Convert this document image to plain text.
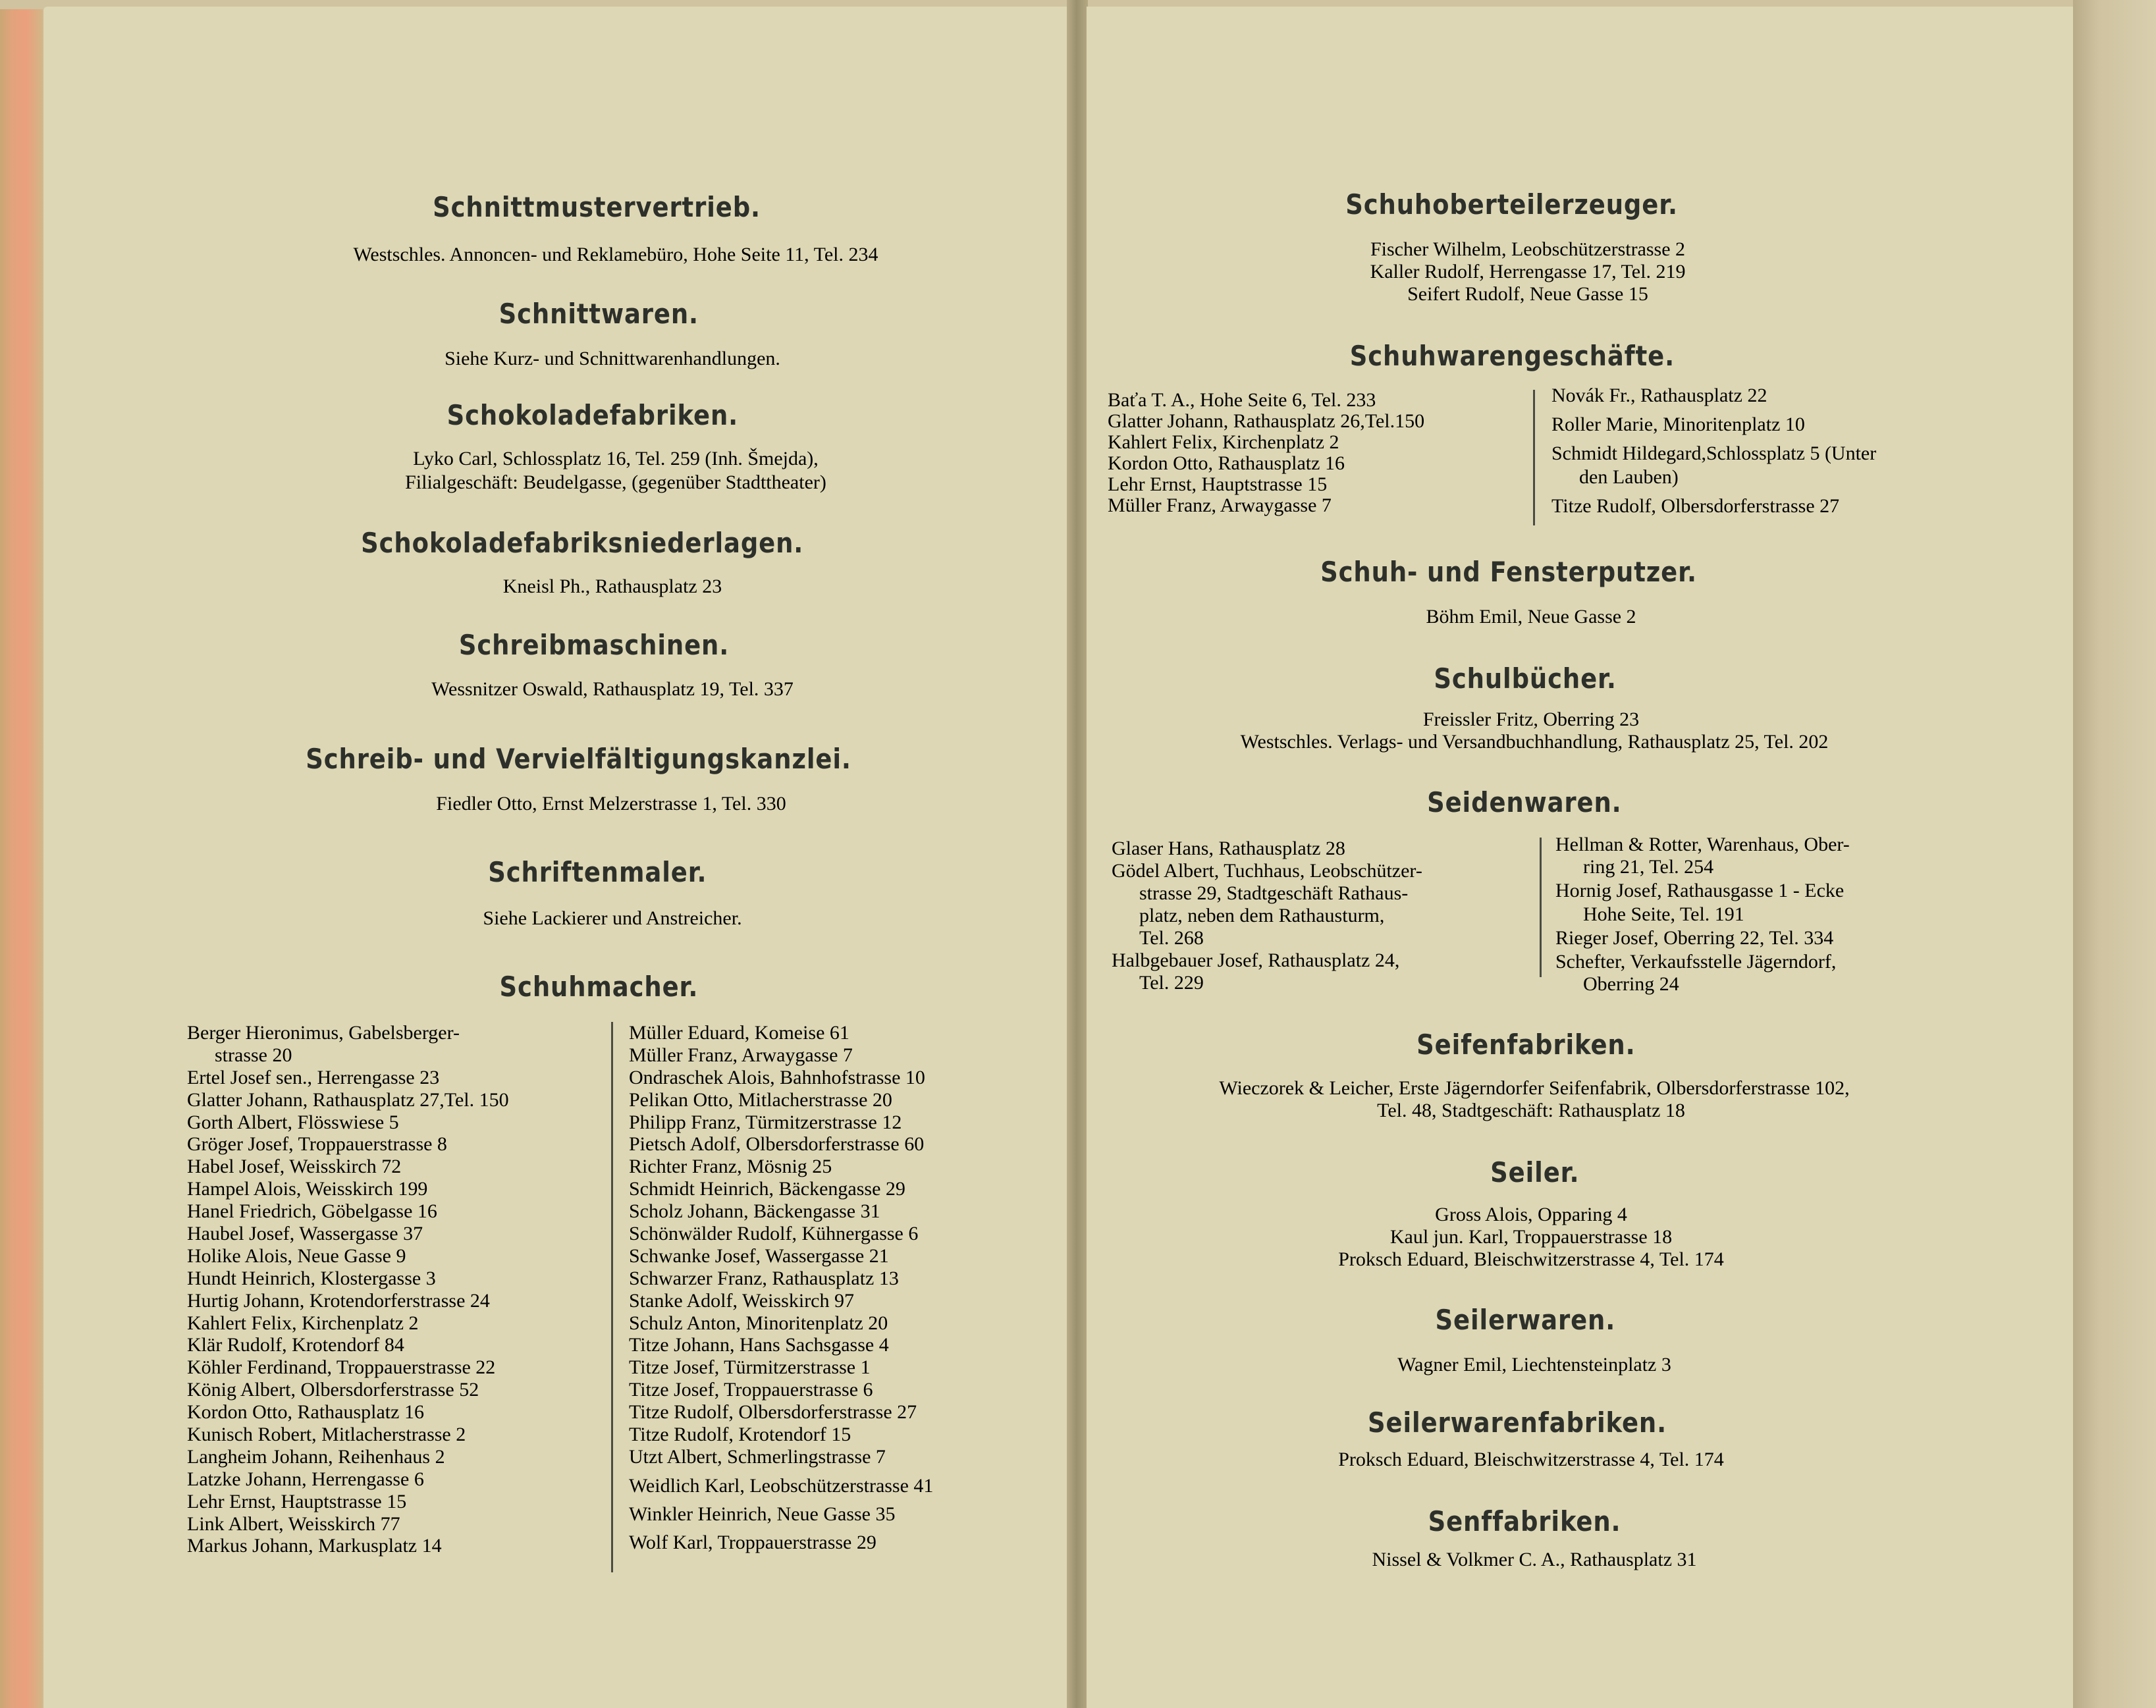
Schnittmustervertrieb.
Westschles. Annoncen- und Reklamebüro, Hohe Seite 11, Tel. 234
Schnittwaren.
Siehe Kurz- und Schnittwarenhandlungen.
Schokoladefabriken.
Lyko Carl, Schlossplatz 16, Tel. 259 (Inh. Šmejda),
Filialgeschäft: Beudelgasse, (gegenüber Stadttheater)
Schokoladefabriksniederlagen.
Kneisl Ph., Rathausplatz 23
Schreibmaschinen.
Wessnitzer Oswald, Rathausplatz 19, Tel. 337
Schreib- und Vervielfältigungskanzlei.
Fiedler Otto, Ernst Melzerstrasse 1, Tel. 330
Schriftenmaler.
Siehe Lackierer und Anstreicher.
Schuhmacher.
Berger Hieronimus, Gabelsberger-
strasse 20
Ertel Josef sen., Herrengasse 23
Glatter Johann, Rathausplatz 27,Tel. 150
Gorth Albert, Flösswiese 5
Gröger Josef, Troppauerstrasse 8
Habel Josef, Weisskirch 72
Hampel Alois, Weisskirch 199
Hanel Friedrich, Göbelgasse 16
Haubel Josef, Wassergasse 37
Holike Alois, Neue Gasse 9
Hundt Heinrich, Klostergasse 3
Hurtig Johann, Krotendorferstrasse 24
Kahlert Felix, Kirchenplatz 2
Klär Rudolf, Krotendorf 84
Köhler Ferdinand, Troppauerstrasse 22
König Albert, Olbersdorferstrasse 52
Kordon Otto, Rathausplatz 16
Kunisch Robert, Mitlacherstrasse 2
Langheim Johann, Reihenhaus 2
Latzke Johann, Herrengasse 6
Lehr Ernst, Hauptstrasse 15
Link Albert, Weisskirch 77
Markus Johann, Markusplatz 14
Müller Eduard, Komeise 61
Müller Franz, Arwaygasse 7
Ondraschek Alois, Bahnhofstrasse 10
Pelikan Otto, Mitlacherstrasse 20
Philipp Franz, Türmitzerstrasse 12
Pietsch Adolf, Olbersdorferstrasse 60
Richter Franz, Mösnig 25
Schmidt Heinrich, Bäckengasse 29
Scholz Johann, Bäckengasse 31
Schönwälder Rudolf, Kühnergasse 6
Schwanke Josef, Wassergasse 21
Schwarzer Franz, Rathausplatz 13
Stanke Adolf, Weisskirch 97
Schulz Anton, Minoritenplatz 20
Titze Johann, Hans Sachsgasse 4
Titze Josef, Türmitzerstrasse 1
Titze Josef, Troppauerstrasse 6
Titze Rudolf, Olbersdorferstrasse 27
Titze Rudolf, Krotendorf 15
Utzt Albert, Schmerlingstrasse 7
Weidlich Karl, Leobschützerstrasse 41
Winkler Heinrich, Neue Gasse 35
Wolf Karl, Troppauerstrasse 29
Schuhoberteilerzeuger.
Fischer Wilhelm, Leobschützerstrasse 2
Kaller Rudolf, Herrengasse 17, Tel. 219
Seifert Rudolf, Neue Gasse 15
Schuhwarengeschäfte.
Baťa T. A., Hohe Seite 6, Tel. 233
Glatter Johann, Rathausplatz 26,Tel.150
Kahlert Felix, Kirchenplatz 2
Kordon Otto, Rathausplatz 16
Lehr Ernst, Hauptstrasse 15
Müller Franz, Arwaygasse 7
Novák Fr., Rathausplatz 22
Roller Marie, Minoritenplatz 10
Schmidt Hildegard,Schlossplatz 5 (Unter
den Lauben)
Titze Rudolf, Olbersdorferstrasse 27
Schuh- und Fensterputzer.
Böhm Emil, Neue Gasse 2
Schulbücher.
Freissler Fritz, Oberring 23
Westschles. Verlags- und Versandbuchhandlung, Rathausplatz 25, Tel. 202
Seidenwaren.
Glaser Hans, Rathausplatz 28
Gödel Albert, Tuchhaus, Leobschützer-
strasse 29, Stadtgeschäft Rathaus-
platz, neben dem Rathausturm,
Tel. 268
Halbgebauer Josef, Rathausplatz 24,
Tel. 229
Hellman & Rotter, Warenhaus, Ober-
ring 21, Tel. 254
Hornig Josef, Rathausgasse 1 - Ecke
Hohe Seite, Tel. 191
Rieger Josef, Oberring 22, Tel. 334
Schefter, Verkaufsstelle Jägerndorf,
Oberring 24
Seifenfabriken.
Wieczorek & Leicher, Erste Jägerndorfer Seifenfabrik, Olbersdorferstrasse 102,
Tel. 48, Stadtgeschäft: Rathausplatz 18
Seiler.
Gross Alois, Opparing 4
Kaul jun. Karl, Troppauerstrasse 18
Proksch Eduard, Bleischwitzerstrasse 4, Tel. 174
Seilerwaren.
Wagner Emil, Liechtensteinplatz 3
Seilerwarenfabriken.
Proksch Eduard, Bleischwitzerstrasse 4, Tel. 174
Senffabriken.
Nissel & Volkmer C. A., Rathausplatz 31
